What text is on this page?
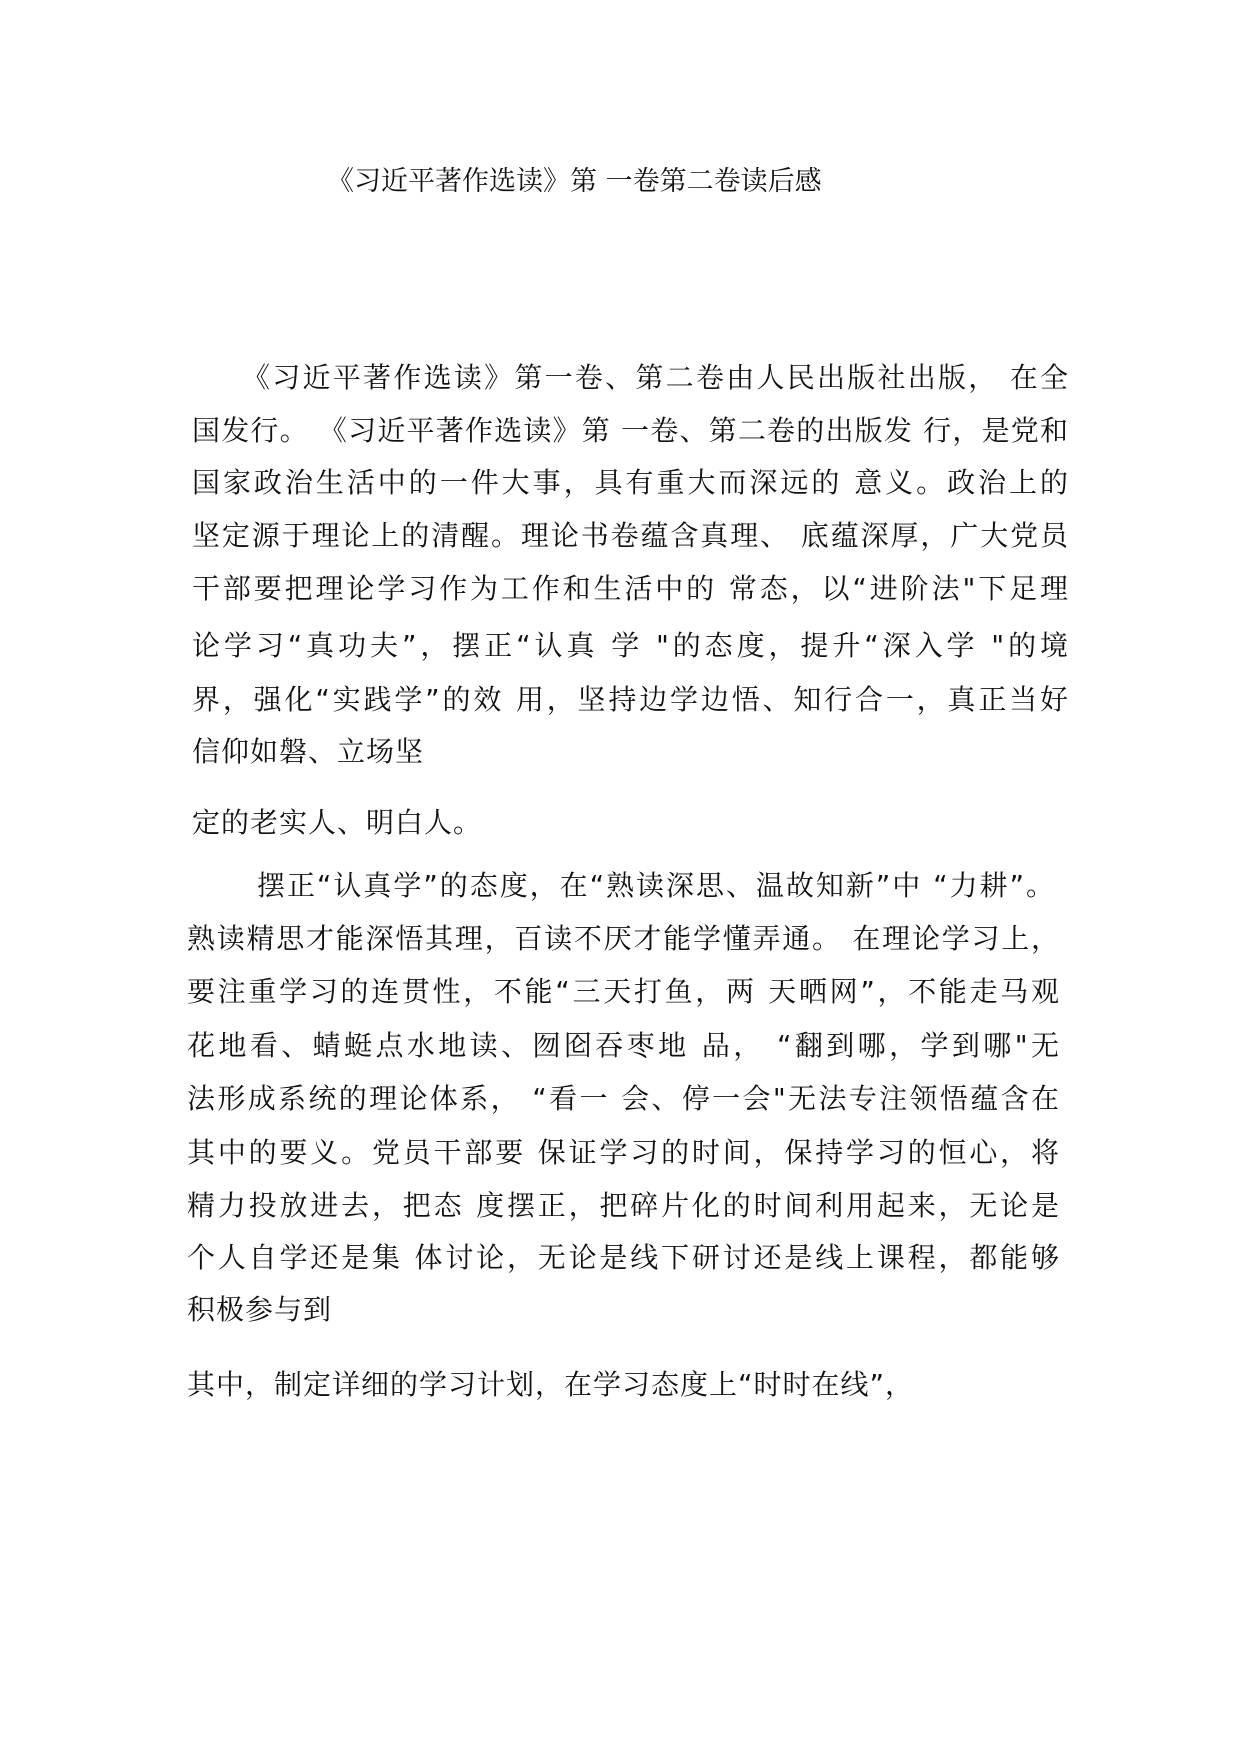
《习近平著作选读》第 一卷第二卷读后感
《习近平著作选读》第一卷、第二卷由人民出版社出版， 在全
国发行。 《习近平著作选读》第 一卷、第二卷的出版发 行，是党和
国家政治生活中的一件大事，具有重大而深远的 意义。政治上的
坚定源于理论上的清醒。理论书卷蕴含真理、 底蕴深厚，广大党员
干部要把理论学习作为工作和生活中的 常态，以“进阶法"下足理
论学习“真功夫”，摆正“认真 学 "的态度，提升“深入学 "的境
界，强化“实践学”的效 用，坚持边学边悟、知行合一，真正当好
信仰如磐、立场坚
定的老实人、明白人。
摆正“认真学”的态度，在“熟读深思、温故知新”中 “力耕”。
熟读精思才能深悟其理，百读不厌才能学懂弄通。 在理论学习上，
要注重学习的连贯性，不能“三天打鱼，两 天晒网”，不能走马观
花地看、蜻蜓点水地读、囫囵吞枣地 品， “翻到哪，学到哪"无
法形成系统的理论体系， “看一 会、停一会"无法专注领悟蕴含在
其中的要义。党员干部要 保证学习的时间，保持学习的恒心，将
精力投放进去，把态 度摆正，把碎片化的时间利用起来，无论是
个人自学还是集 体讨论，无论是线下研讨还是线上课程，都能够
积极参与到
其中，制定详细的学习计划，在学习态度上“时时在线”，
